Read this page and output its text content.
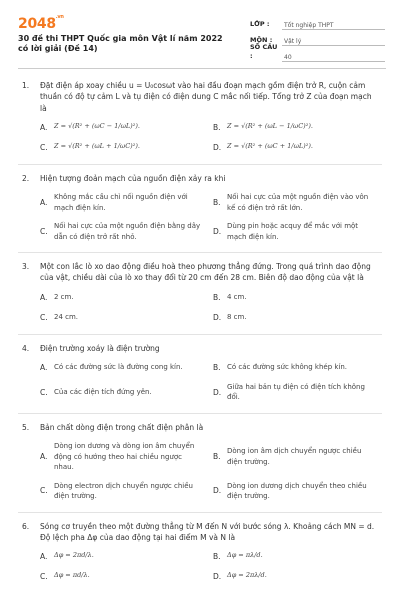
$2048^{.vn}$
30 đề thi THPT Quốc gia môn Vật lí năm 2022 có lời giải (Đề 14)
LỚP :	Tốt nghiệp THPT
MÔN :	Vật lý
SỐ CÂU :	40
1. Đặt điện áp xoay chiều u = U₀cosωt vào hai đầu đoạn mạch gồm điện trở R, cuộn cảm thuần có độ tự cảm L và tụ điện có điện dung C mắc nối tiếp. Tổng trở Z của đoạn mạch là
A.	Z = √(R² + (ωC − 1/ωL)²).	B. Z = √(R² + (ωL − 1/ωC)²).
C. Z = √(R² + (ωL + 1/ωC)²).	D. Z = √(R² + (ωC + 1/ωL)²).
2. Hiện tượng đoản mạch của nguồn điện xảy ra khi
A.
Không mắc cầu chì nối nguồn điện với mạch điện kín.
B.
Nối hai cực của một nguồn điện vào vôn kế có điện trở rất lớn.
C.
Nối hai cực của một nguồn điện bằng dây dẫn có điện trở rất nhỏ.
D.
Dùng pin hoặc acquy để mắc với một mạch điện kín.
3. Một con lắc lò xo dao động điều hoà theo phương thẳng đứng. Trong quá trình dao động của vật, chiều dài của lò xo thay đổi từ 20 cm đến 28 cm. Biên độ dao động của vật là
A. 2 cm.	B. 4 cm.
C. 24 cm.	D. 8 cm.
4. Điện trường xoáy là điện trường
A. Có các đường sức là đường cong kín.	B. Có các đường sức không khép kín.
C. Của các điện tích đứng yên.	D.
Giữa hai bản tụ điện có điện tích không đổi.
5. Bản chất dòng điện trong chất điện phân là
A.
Dòng ion dương và dòng ion âm chuyển động có hướng theo hai chiều ngược nhau.
B.
Dòng ion âm dịch chuyển ngược chiều điện trường.
C.
Dòng electron dịch chuyển ngược chiều điện trường.
D.
Dòng ion dương dịch chuyển theo chiều điện trường.
6. Sóng cơ truyền theo một đường thẳng từ M đến N với bước sóng λ. Khoảng cách MN = d. Độ lệch pha Δφ của dao động tại hai điểm M và N là
A.	Δφ = 2πd/λ.	B. Δφ = πλ/d.
C. Δφ = πd/λ.	D. Δφ = 2πλ/d.
